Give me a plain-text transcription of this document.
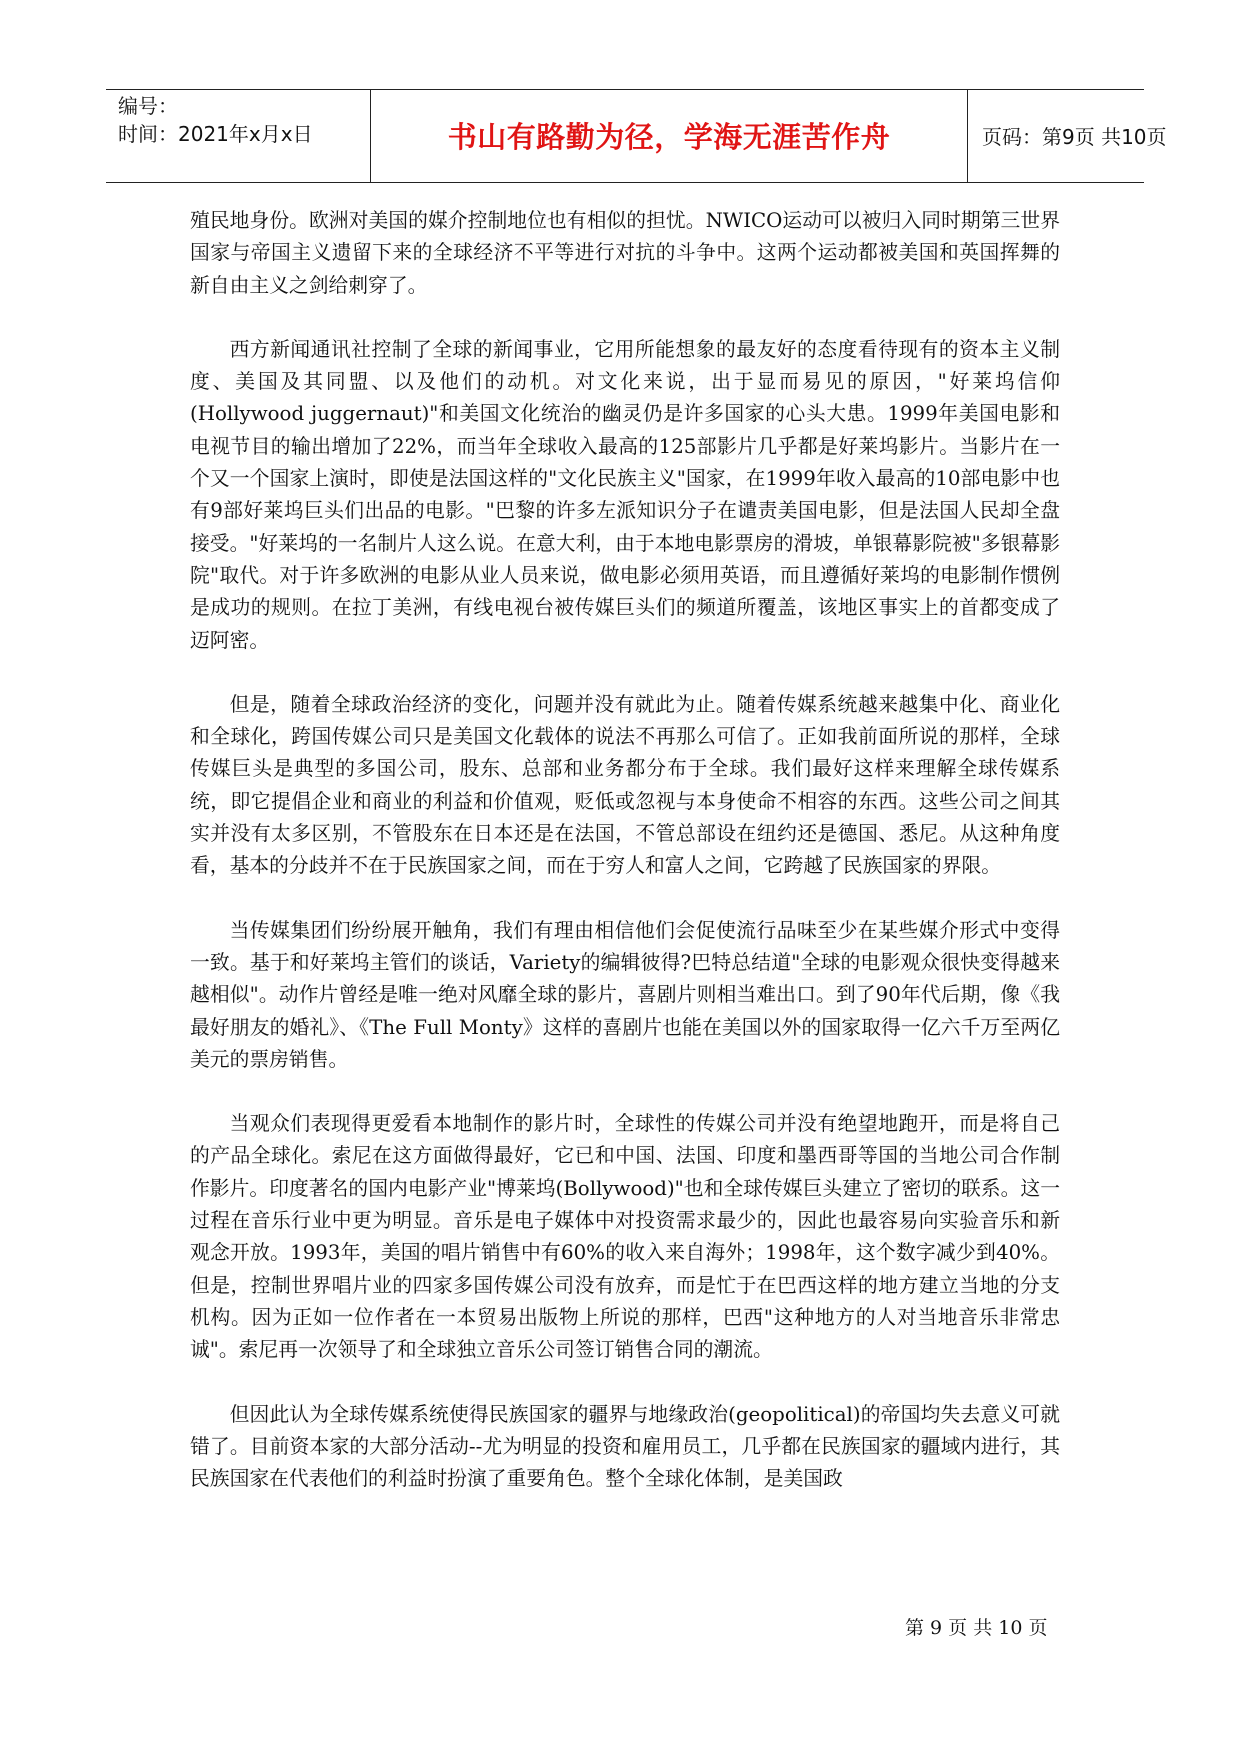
编号：
时间：2021年x月x日	书山有路勤为径，学海无涯苦作舟	页码：第9页 共10页

殖民地身份。欧洲对美国的媒介控制地位也有相似的担忧。NWICO运动可以被归入同时期第三世界国家与帝国主义遗留下来的全球经济不平等进行对抗的斗争中。这两个运动都被美国和英国挥舞的新自由主义之剑给刺穿了。

西方新闻通讯社控制了全球的新闻事业，它用所能想象的最友好的态度看待现有的资本主义制度、美国及其同盟、以及他们的动机。对文化来说，出于显而易见的原因，"好莱坞信仰(Hollywood juggernaut)"和美国文化统治的幽灵仍是许多国家的心头大患。1999年美国电影和电视节目的输出增加了22%，而当年全球收入最高的125部影片几乎都是好莱坞影片。当影片在一个又一个国家上演时，即使是法国这样的"文化民族主义"国家，在1999年收入最高的10部电影中也有9部好莱坞巨头们出品的电影。"巴黎的许多左派知识分子在谴责美国电影，但是法国人民却全盘接受。"好莱坞的一名制片人这么说。在意大利，由于本地电影票房的滑坡，单银幕影院被"多银幕影院"取代。对于许多欧洲的电影从业人员来说，做电影必须用英语，而且遵循好莱坞的电影制作惯例是成功的规则。在拉丁美洲，有线电视台被传媒巨头们的频道所覆盖，该地区事实上的首都变成了迈阿密。

但是，随着全球政治经济的变化，问题并没有就此为止。随着传媒系统越来越集中化、商业化和全球化，跨国传媒公司只是美国文化载体的说法不再那么可信了。正如我前面所说的那样，全球传媒巨头是典型的多国公司，股东、总部和业务都分布于全球。我们最好这样来理解全球传媒系统，即它提倡企业和商业的利益和价值观，贬低或忽视与本身使命不相容的东西。这些公司之间其实并没有太多区别，不管股东在日本还是在法国，不管总部设在纽约还是德国、悉尼。从这种角度看，基本的分歧并不在于民族国家之间，而在于穷人和富人之间，它跨越了民族国家的界限。

当传媒集团们纷纷展开触角，我们有理由相信他们会促使流行品味至少在某些媒介形式中变得一致。基于和好莱坞主管们的谈话，Variety的编辑彼得?巴特总结道"全球的电影观众很快变得越来越相似"。动作片曾经是唯一绝对风靡全球的影片，喜剧片则相当难出口。到了90年代后期，像《我最好朋友的婚礼》、《The Full Monty》这样的喜剧片也能在美国以外的国家取得一亿六千万至两亿美元的票房销售。

当观众们表现得更爱看本地制作的影片时，全球性的传媒公司并没有绝望地跑开，而是将自己的产品全球化。索尼在这方面做得最好，它已和中国、法国、印度和墨西哥等国的当地公司合作制作影片。印度著名的国内电影产业"博莱坞(Bollywood)"也和全球传媒巨头建立了密切的联系。这一过程在音乐行业中更为明显。音乐是电子媒体中对投资需求最少的，因此也最容易向实验音乐和新观念开放。1993年，美国的唱片销售中有60%的收入来自海外；1998年，这个数字减少到40%。但是，控制世界唱片业的四家多国传媒公司没有放弃，而是忙于在巴西这样的地方建立当地的分支机构。因为正如一位作者在一本贸易出版物上所说的那样，巴西"这种地方的人对当地音乐非常忠诚"。索尼再一次领导了和全球独立音乐公司签订销售合同的潮流。

但因此认为全球传媒系统使得民族国家的疆界与地缘政治(geopolitical)的帝国均失去意义可就错了。目前资本家的大部分活动--尤为明显的投资和雇用员工，几乎都在民族国家的疆域内进行，其民族国家在代表他们的利益时扮演了重要角色。整个全球化体制，是美国政

第 9 页 共 10 页
